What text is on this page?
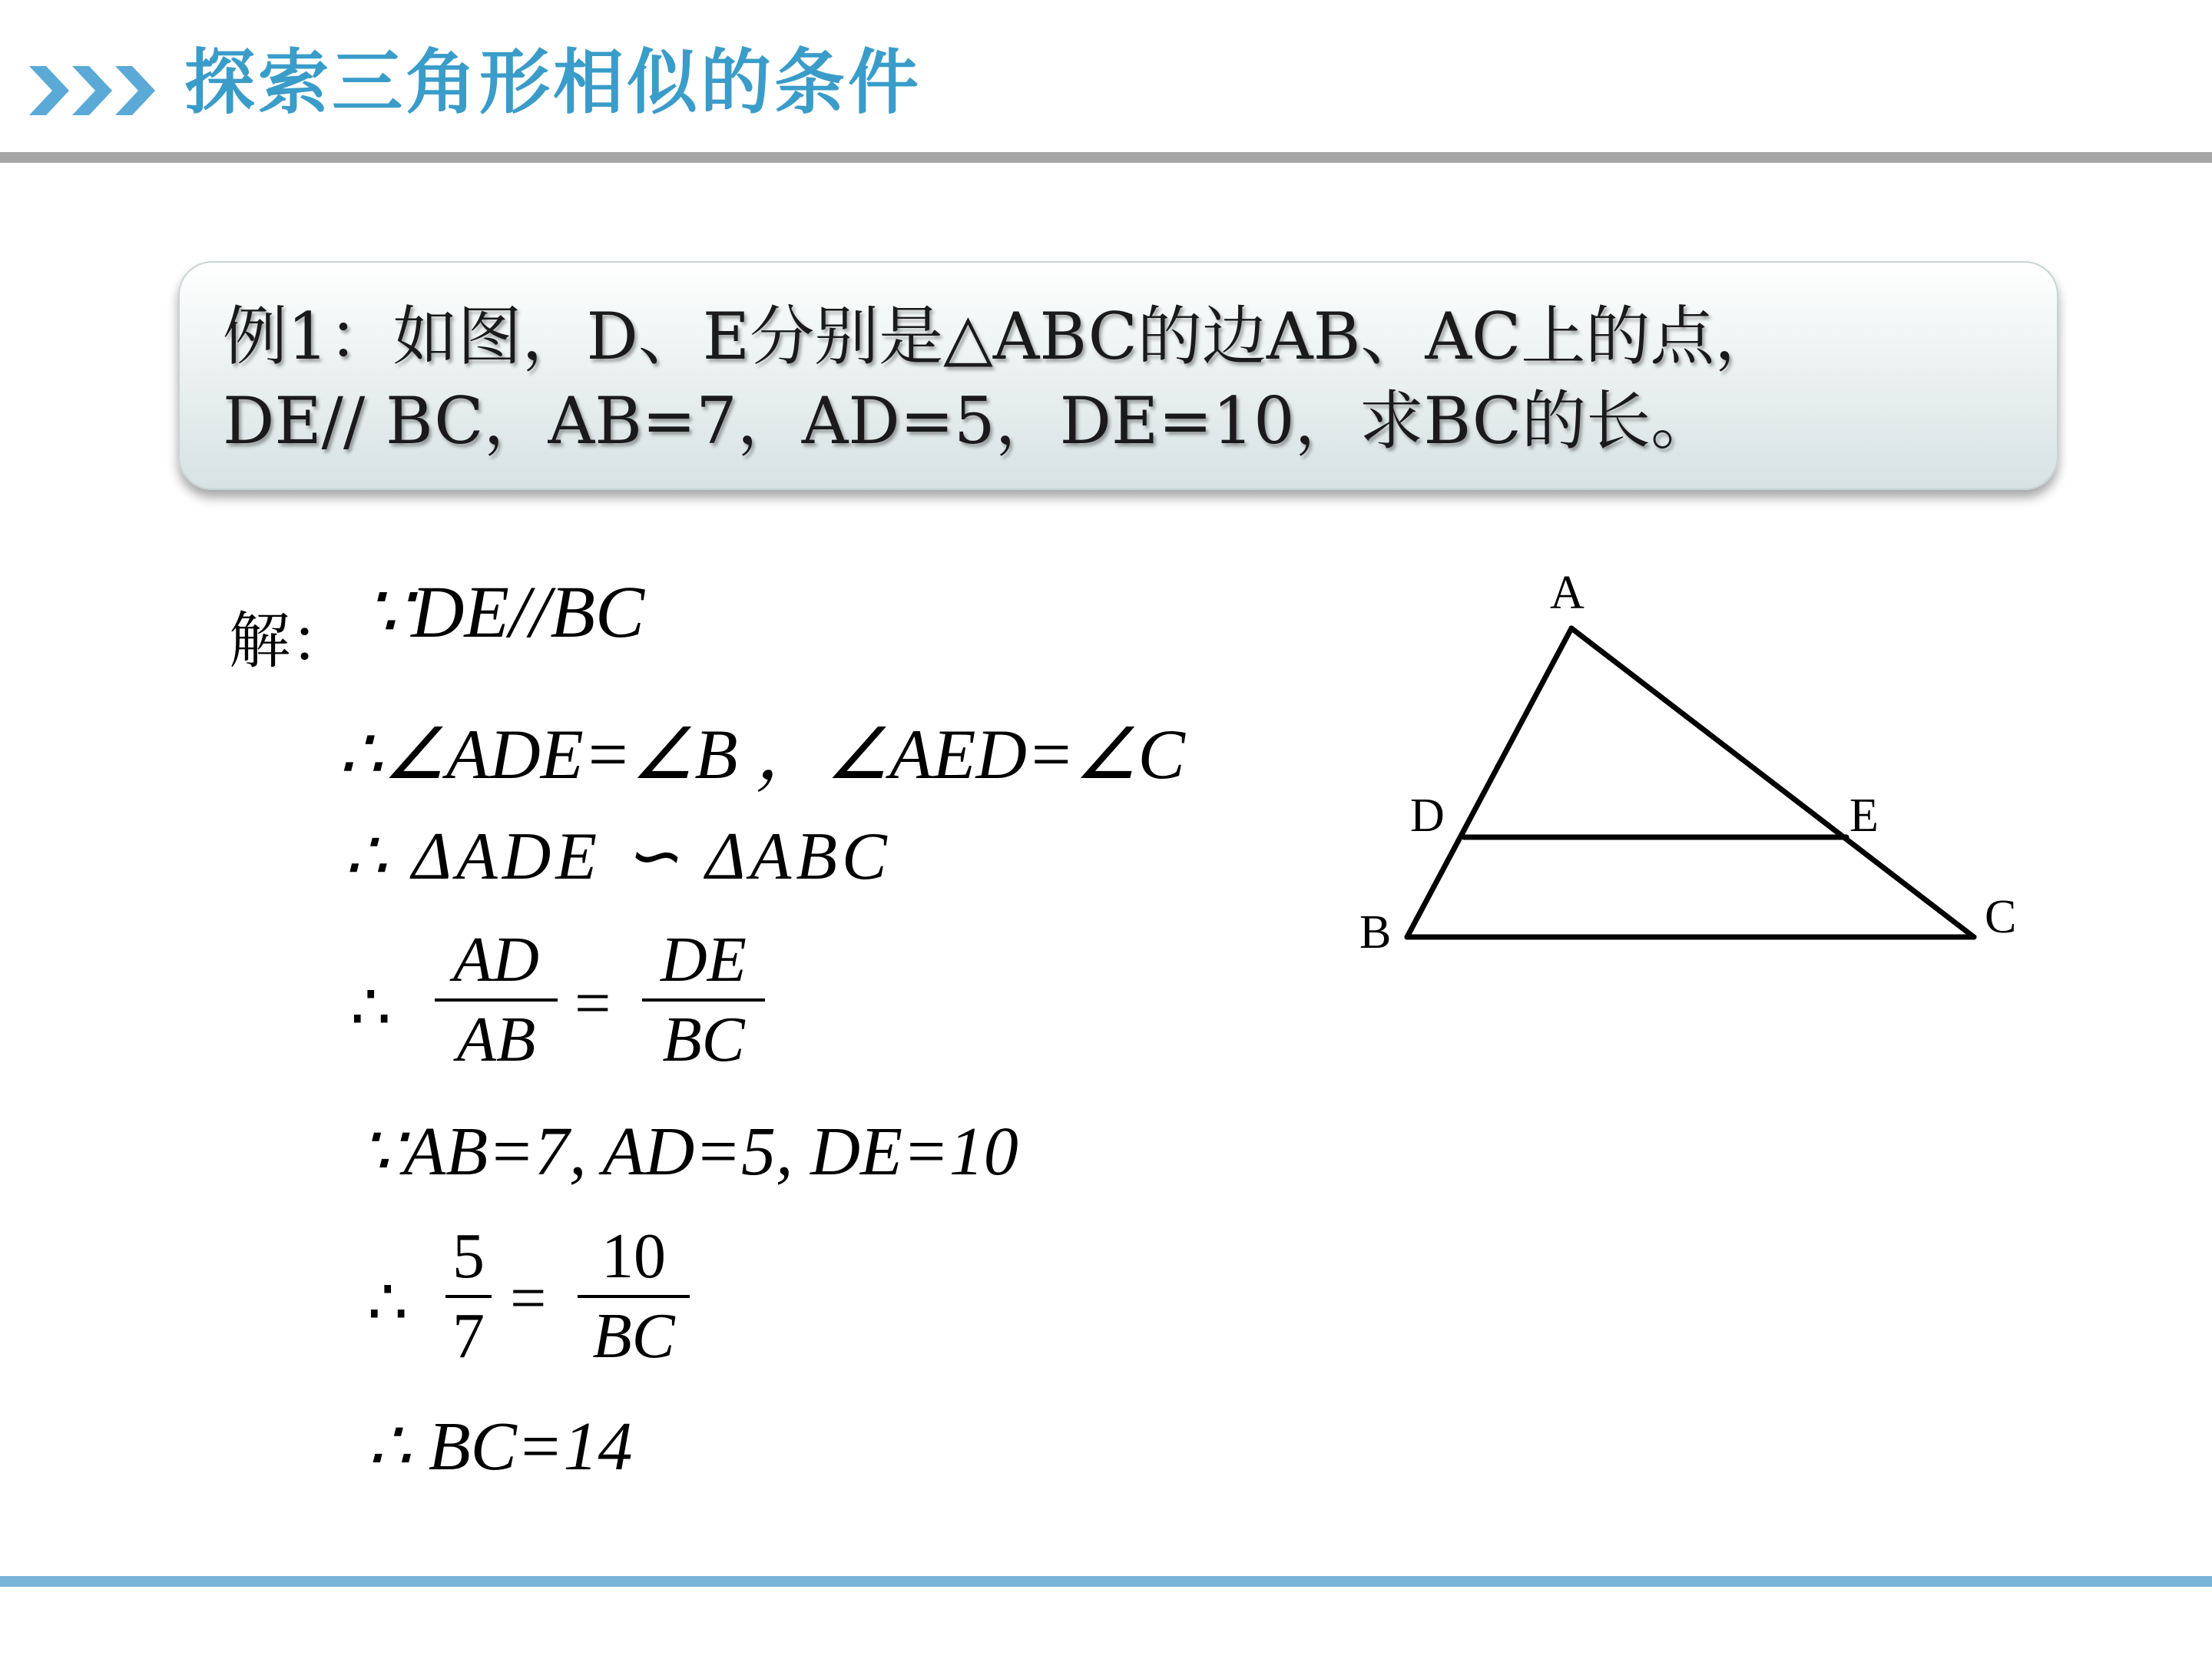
探索三角形相似的条件
例1：如图，D、E分别是△ABC的边AB、AC上的点，
DE// BC，AB=7，AD=5，DE=10，求BC的长。
解： ∵DE//BC
∴∠ADE=∠B ，∠AED=∠C
∴ ΔADE ∽ ΔABC
∴
AD
AB
=
DE
BC
∵AB=7, AD=5, DE=10
∴
5
7
=
10
BC
∴ BC=14
A
D	E
B	C
